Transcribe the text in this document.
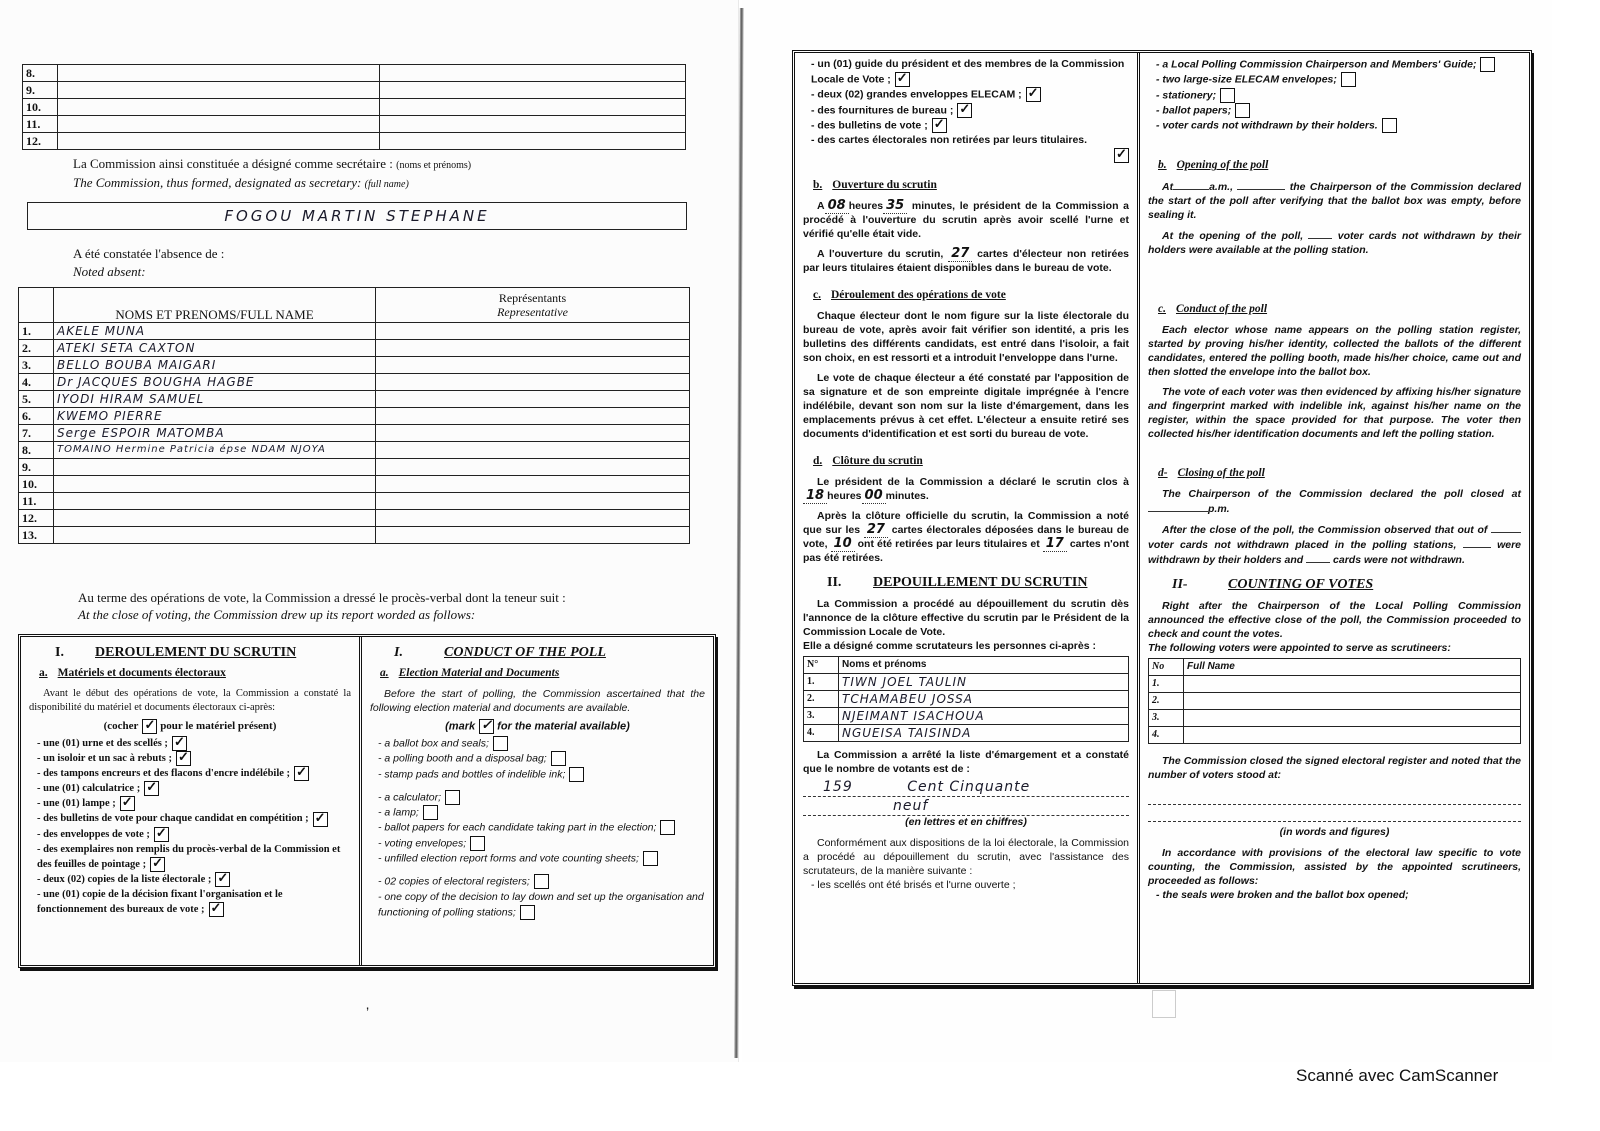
8.		
9.		
10.		
11.		
12.		
La Commission ainsi constituée a désigné comme secrétaire : (noms et prénoms)
The Commission, thus formed, designated as secretary: (full name)
FOGOU MARTIN STEPHANE
A été constatée l'absence de :
Noted absent:
	NOMS ET PRENOMS/FULL NAME	Représentants
Representative

1.	AKELE MUNA	
2.	ATEKI SETA CAXTON	
3.	BELLO BOUBA MAIGARI	
4.	Dr JACQUES BOUGHA HAGBE	
5.	IYODI HIRAM SAMUEL	
6.	KWEMO PIERRE	
7.	Serge ESPOIR MATOMBA	
8.	TOMAINO Hermine Patricia épse NDAM NJOYA	
9.		
10.		
11.		
12.		
13.		
Au terme des opérations de vote, la Commission a dressé le procès-verbal dont la teneur suit :
At the close of voting, the Commission drew up its report worded as follows:
I. DEROULEMENT DU SCRUTIN
a. Matériels et documents électoraux

Avant le début des opérations de vote, la Commission a constaté la disponibilité du matériel et documents électoraux ci-après:

(cocher ✓ pour le matériel présent)
- une (01) urne et des scellés ;✓
- un isoloir et un sac à rebuts ;✓
- des tampons encreurs et des flacons d'encre indélébile ;✓
- une (01) calculatrice ;✓
- une (01) lampe ;✓
- des bulletins de vote pour chaque candidat en compétition ;✓
- des enveloppes de vote ;✓
- des exemplaires non remplis du procès-verbal de la Commission et des feuilles de pointage ;✓
- deux (02) copies de la liste électorale ;✓
- une (01) copie de la décision fixant l'organisation et le fonctionnement des bureaux de vote ;✓
I.	CONDUCT OF THE POLL
a. Election Material and Documents

Before the start of polling, the Commission ascertained that the following election material and documents are available.

(mark ✓ for the material available)
- a ballot box and seals;
- a polling booth and a disposal bag;
- stamp pads and bottles of indelible ink;
- a calculator;
- a lamp;
- ballot papers for each candidate taking part in the election;
- voting envelopes;
- unfilled election report forms and vote counting sheets;
- 02 copies of electoral registers;
- one copy of the decision to lay down and set up the organisation and functioning of polling stations;
- un (01) guide du président et des membres de la Commission Locale de Vote ;✓
- deux (02) grandes enveloppes ELECAM ;✓
- des fournitures de bureau ;✓
- des bulletins de vote ;✓
- des cartes électorales non retirées par leurs titulaires.
✓
b. Ouverture du scrutin

A 08 heures 35 minutes, le président de la Commission a procédé à l'ouverture du scrutin après avoir scellé l'urne et vérifié qu'elle était vide.

A l'ouverture du scrutin, 27 cartes d'électeur non retirées par leurs titulaires étaient disponibles dans le bureau de vote.

c. Déroulement des opérations de vote

Chaque électeur dont le nom figure sur la liste électorale du bureau de vote, après avoir fait vérifier son identité, a pris les bulletins des différents candidats, est entré dans l'isoloir, a fait son choix, en est ressorti et a introduit l'enveloppe dans l'urne.

Le vote de chaque électeur a été constaté par l'apposition de sa signature et de son empreinte digitale imprégnée à l'encre indélébile, devant son nom sur la liste d'émargement, dans les emplacements prévus à cet effet. L'électeur a ensuite retiré ses documents d'identification et est sorti du bureau de vote.

d. Clôture du scrutin

Le président de la Commission a déclaré le scrutin clos à 18 heures 00 minutes.

Après la clôture officielle du scrutin, la Commission a noté que sur les 27 cartes électorales déposées dans le bureau de vote, 10 ont été retirées par leurs titulaires et 17 cartes n'ont pas été retirées.

II. DEPOUILLEMENT DU SCRUTIN

La Commission a procédé au dépouillement du scrutin dès l'annonce de la clôture effective du scrutin par le Président de la Commission Locale de Vote.

Elle a désigné comme scrutateurs les personnes ci-après :

N°	Noms et prénoms
1.	TIWN JOEL TAULIN
2.	TCHAMABEU JOSSA
3.	NJEIMANT ISACHOUA
4.	NGUEISA TAISINDA

La Commission a arrêté la liste d'émargement et a constaté que le nombre de votants est de :

159	Cent Cinquante
neuf
(en lettres et en chiffres)

Conformément aux dispositions de la loi électorale, la Commission a procédé au dépouillement du scrutin, avec l'assistance des scrutateurs, de la manière suivante :

- les scellés ont été brisés et l'urne ouverte ;
- a Local Polling Commission Chairperson and Members' Guide;
- two large-size ELECAM envelopes;
- stationery;
- ballot papers;
- voter cards not withdrawn by their holders.
b. Opening of the poll

At	a.m.,	the Chairperson of the Commission declared the start of the poll after verifying that the ballot box was empty, before sealing it.

At the opening of the poll,	voter cards not withdrawn by their holders were available at the polling station.

c. Conduct of the poll

Each elector whose name appears on the polling station register, started by proving his/her identity, collected the ballots of the different candidates, entered the polling booth, made his/her choice, came out and then slotted the envelope into the ballot box.

The vote of each voter was then evidenced by affixing his/her signature and fingerprint marked with indelible ink, against his/her name on the register, within the space provided for that purpose. The voter then collected his/her identification documents and left the polling station.

d- Closing of the poll

The Chairperson of the Commission declared the poll closed at p.m.

After the close of the poll, the Commission observed that out of  voter cards not withdrawn placed in the polling stations,	were withdrawn by their holders and	cards were not withdrawn.

II-	COUNTING OF VOTES

Right after the Chairperson of the Local Polling Commission announced the effective close of the poll, the Commission proceeded to check and count the votes.

The following voters were appointed to serve as scrutineers:

No	Full Name
1.	
2.	
3.	
4.	

The Commission closed the signed electoral register and noted that the number of voters stood at:

(in words and figures)

In accordance with provisions of the electoral law specific to vote counting, the Commission, assisted by the appointed scrutineers, proceeded as follows:

- the seals were broken and the ballot box opened;
’
Scanné avec CamScanner
